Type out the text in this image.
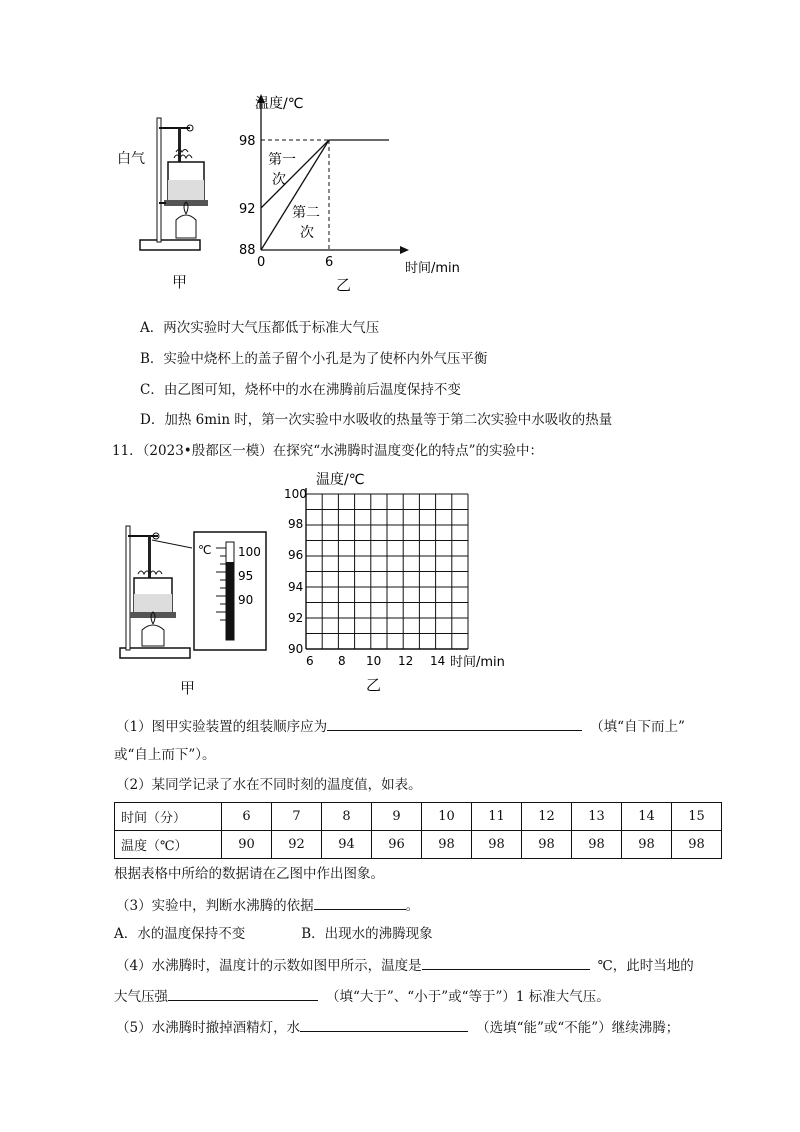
白气
甲
温度/℃
98
92
88
0	6	时间/min
第一
次
第二
次
乙
A．两次实验时大气压都低于标准大气压
B．实验中烧杯上的盖子留个小孔是为了使杯内外气压平衡
C．由乙图可知，烧杯中的水在沸腾前后温度保持不变
D．加热 6min 时，第一次实验中水吸收的热量等于第二次实验中水吸收的热量
11．（2023•殷都区一模）在探究“水沸腾时温度变化的特点”的实验中：
℃ 100
95
90
甲
温度/℃
100
98
96
94
92
90
6 8 10 12 14 时间/min
乙
（1）图甲实验装置的组装顺序应为	（填“自下而上”
或“自上而下”）。
（2）某同学记录了水在不同时刻的温度值，如表。
时间（分）	6	7	8	9	10	11	12	13	14	15
温度（℃）	90	92	94	96	98	98	98	98	98	98
根据表格中所给的数据请在乙图中作出图象。
（3）实验中，判断水沸腾的依据	。
A．水的温度保持不变	B．出现水的沸腾现象
（4）水沸腾时，温度计的示数如图甲所示，温度是	℃，此时当地的
大气压强	（填“大于”、“小于”或“等于”）1 标准大气压。
（5）水沸腾时撤掉酒精灯，水	（选填“能”或“不能”）继续沸腾；
